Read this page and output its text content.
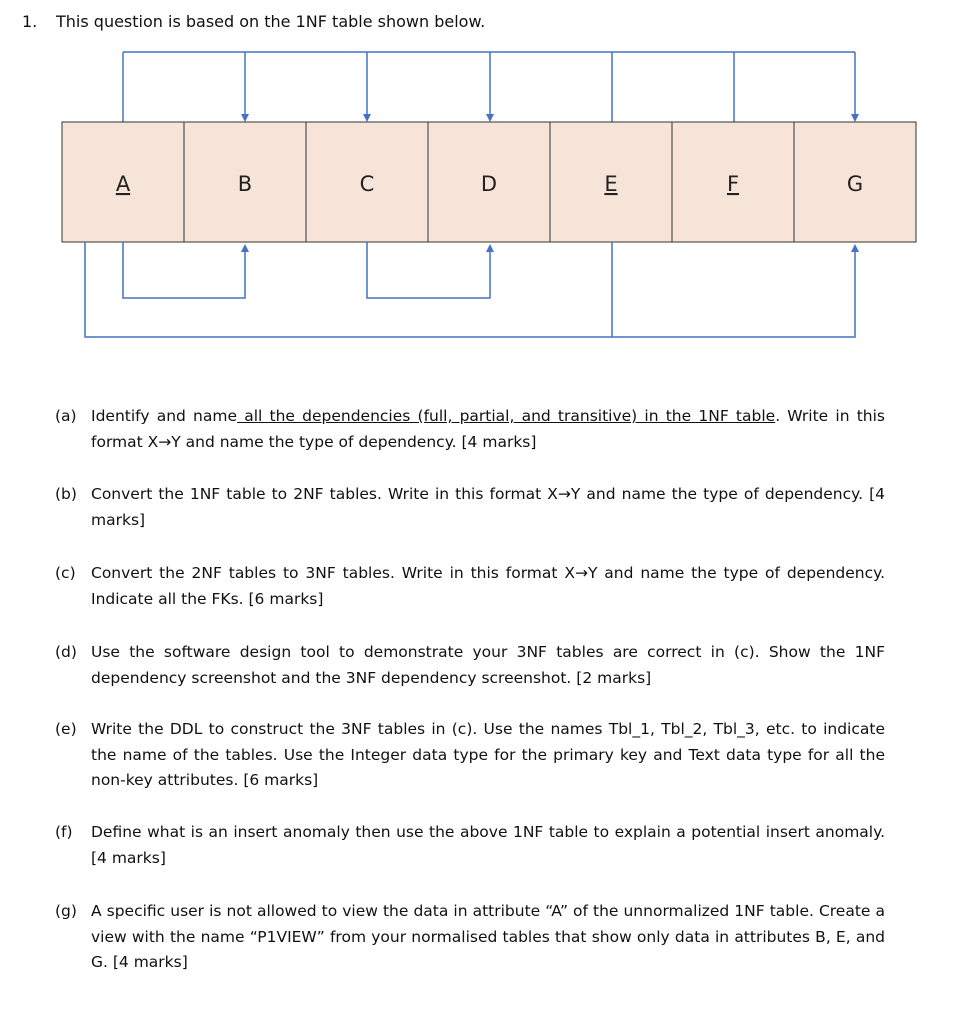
1. This question is based on the 1NF table shown below.
A	B	C	D	E	F	G
(a) Identify and name all the dependencies (full, partial, and transitive) in the 1NF table. Write in this format X→Y and name the type of dependency. [4 marks]
(b) Convert the 1NF table to 2NF tables. Write in this format X→Y and name the type of dependency. [4 marks]
(c) Convert the 2NF tables to 3NF tables. Write in this format X→Y and name the type of dependency. Indicate all the FKs. [6 marks]
(d) Use the software design tool to demonstrate your 3NF tables are correct in (c). Show the 1NF dependency screenshot and the 3NF dependency screenshot. [2 marks]
(e) Write the DDL to construct the 3NF tables in (c). Use the names Tbl_1, Tbl_2, Tbl_3, etc. to indicate the name of the tables. Use the Integer data type for the primary key and Text data type for all the non-key attributes. [6 marks]
(f)	Define what is an insert anomaly then use the above 1NF table to explain a potential insert anomaly. [4 marks]
(g) A specific user is not allowed to view the data in attribute “A” of the unnormalized 1NF table. Create a view with the name “P1VIEW” from your normalised tables that show only data in attributes B, E, and G. [4 marks]
